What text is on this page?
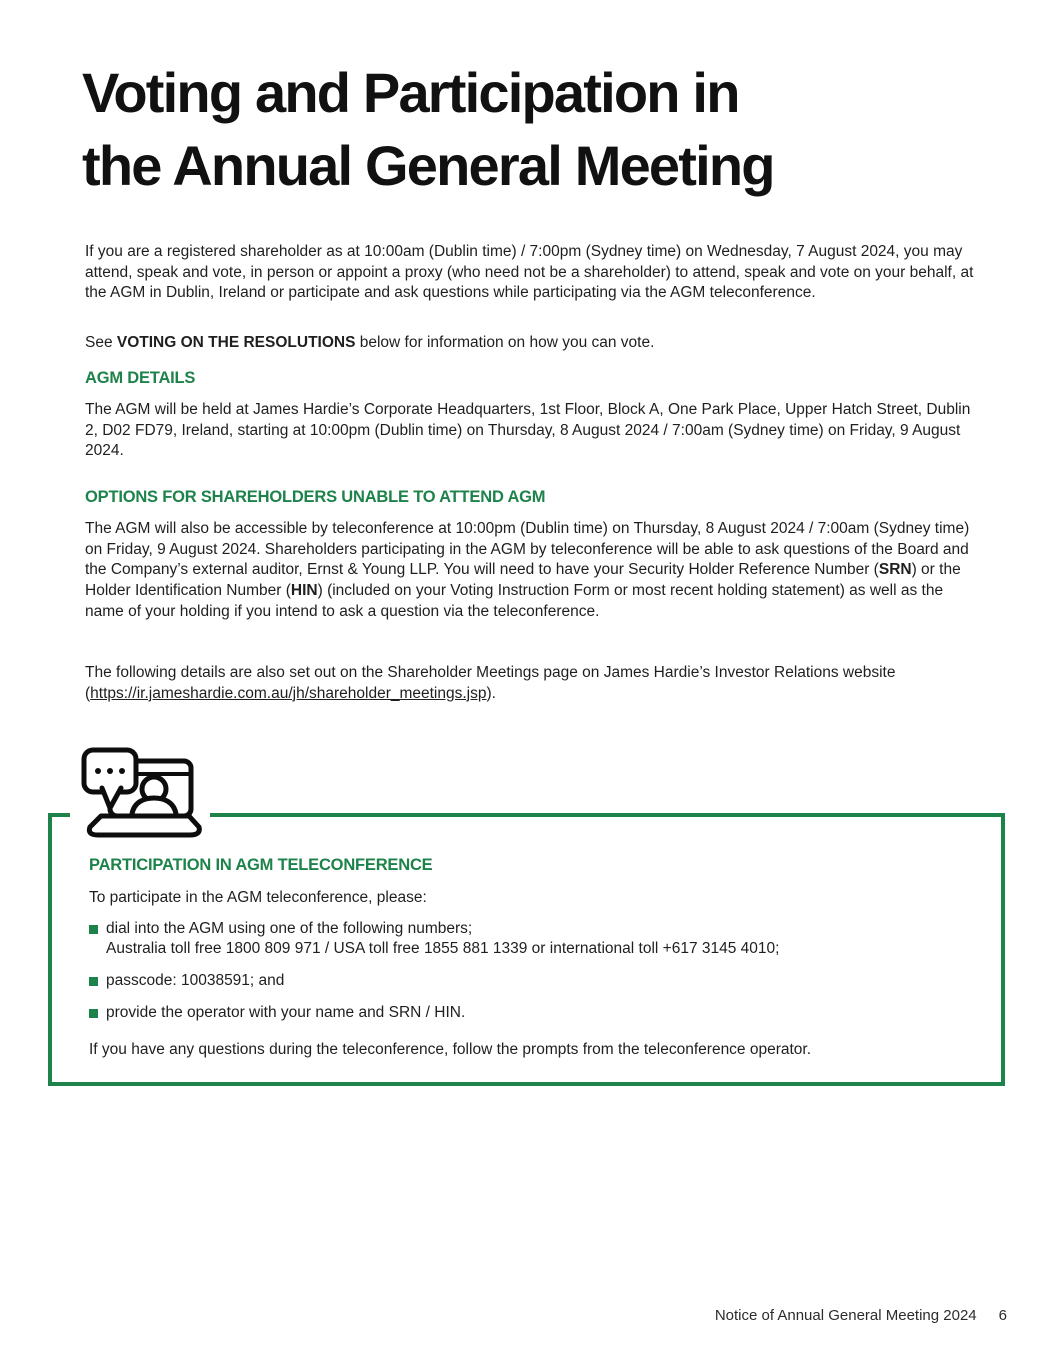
Voting and Participation in
the Annual General Meeting

If you are a registered shareholder as at 10:00am (Dublin time) / 7:00pm (Sydney time) on Wednesday, 7 August 2024, you may attend, speak and vote, in person or appoint a proxy (who need not be a shareholder) to attend, speak and vote on your behalf, at the AGM in Dublin, Ireland or participate and ask questions while participating via the AGM teleconference.

See VOTING ON THE RESOLUTIONS below for information on how you can vote.

AGM DETAILS

The AGM will be held at James Hardie’s Corporate Headquarters, 1st Floor, Block A, One Park Place, Upper Hatch Street, Dublin 2, D02 FD79, Ireland, starting at 10:00pm (Dublin time) on Thursday, 8 August 2024 / 7:00am (Sydney time) on Friday, 9 August 2024.

OPTIONS FOR SHAREHOLDERS UNABLE TO ATTEND AGM

The AGM will also be accessible by teleconference at 10:00pm (Dublin time) on Thursday, 8 August 2024 / 7:00am (Sydney time) on Friday, 9 August 2024. Shareholders participating in the AGM by teleconference will be able to ask questions of the Board and the Company’s external auditor, Ernst & Young LLP. You will need to have your Security Holder Reference Number (SRN) or the Holder Identification Number (HIN) (included on your Voting Instruction Form or most recent holding statement) as well as the name of your holding if you intend to ask a question via the teleconference.

The following details are also set out on the Shareholder Meetings page on James Hardie’s Investor Relations website (https://ir.jameshardie.com.au/jh/shareholder_meetings.jsp).

PARTICIPATION IN AGM TELECONFERENCE

To participate in the AGM teleconference, please:

dial into the AGM using one of the following numbers;
Australia toll free 1800 809 971 / USA toll free 1855 881 1339 or international toll +617 3145 4010;
passcode: 10038591; and
provide the operator with your name and SRN / HIN.

If you have any questions during the teleconference, follow the prompts from the teleconference operator.

Notice of Annual General Meeting 2024 6
